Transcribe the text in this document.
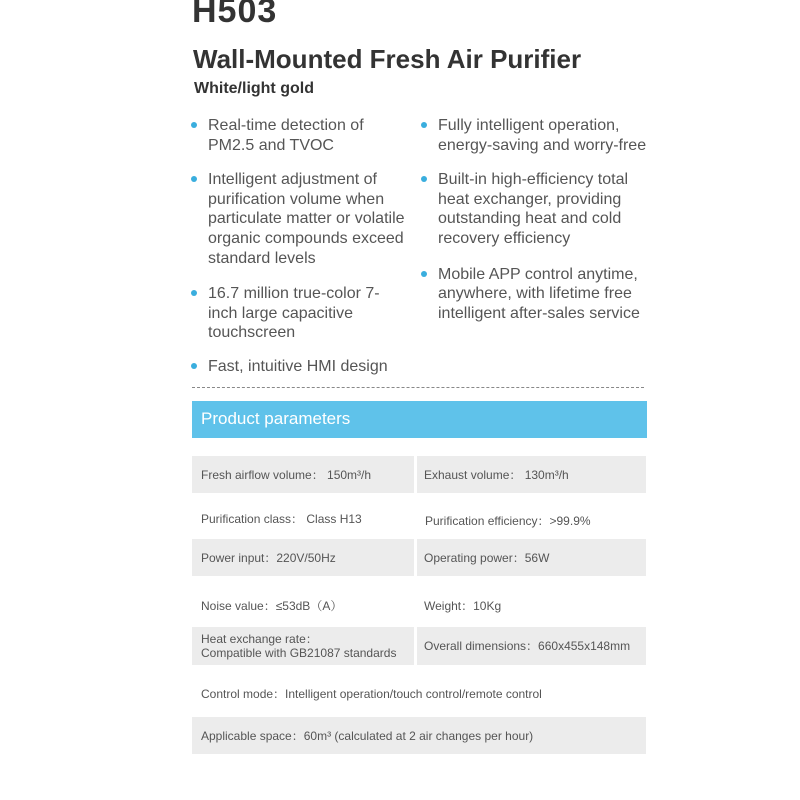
H503
Wall-Mounted Fresh Air Purifier
White/light gold
Real-time detection of PM2.5 and TVOC
Intelligent adjustment of purification volume when particulate matter or volatile organic compounds exceed standard levels
16.7 million true-color 7-inch large capacitive touchscreen
Fast, intuitive HMI design
Fully intelligent operation, energy-saving and worry-free
Built-in high-efficiency total heat exchanger, providing outstanding heat and cold recovery efficiency
Mobile APP control anytime, anywhere, with lifetime free intelligent after-sales service
Product parameters
Fresh airflow volume： 150m³/h	Exhaust volume： 130m³/h
Purification class： Class H13	Purification efficiency：>99.9%
Power input：220V/50Hz	Operating power：56W
Noise value：≤53dB（A）	Weight：10Kg
Heat exchange rate：
Compatible with GB21087 standards	Overall dimensions：660x455x148mm
Control mode：Intelligent operation/touch control/remote control
Applicable space：60m³ (calculated at 2 air changes per hour)
